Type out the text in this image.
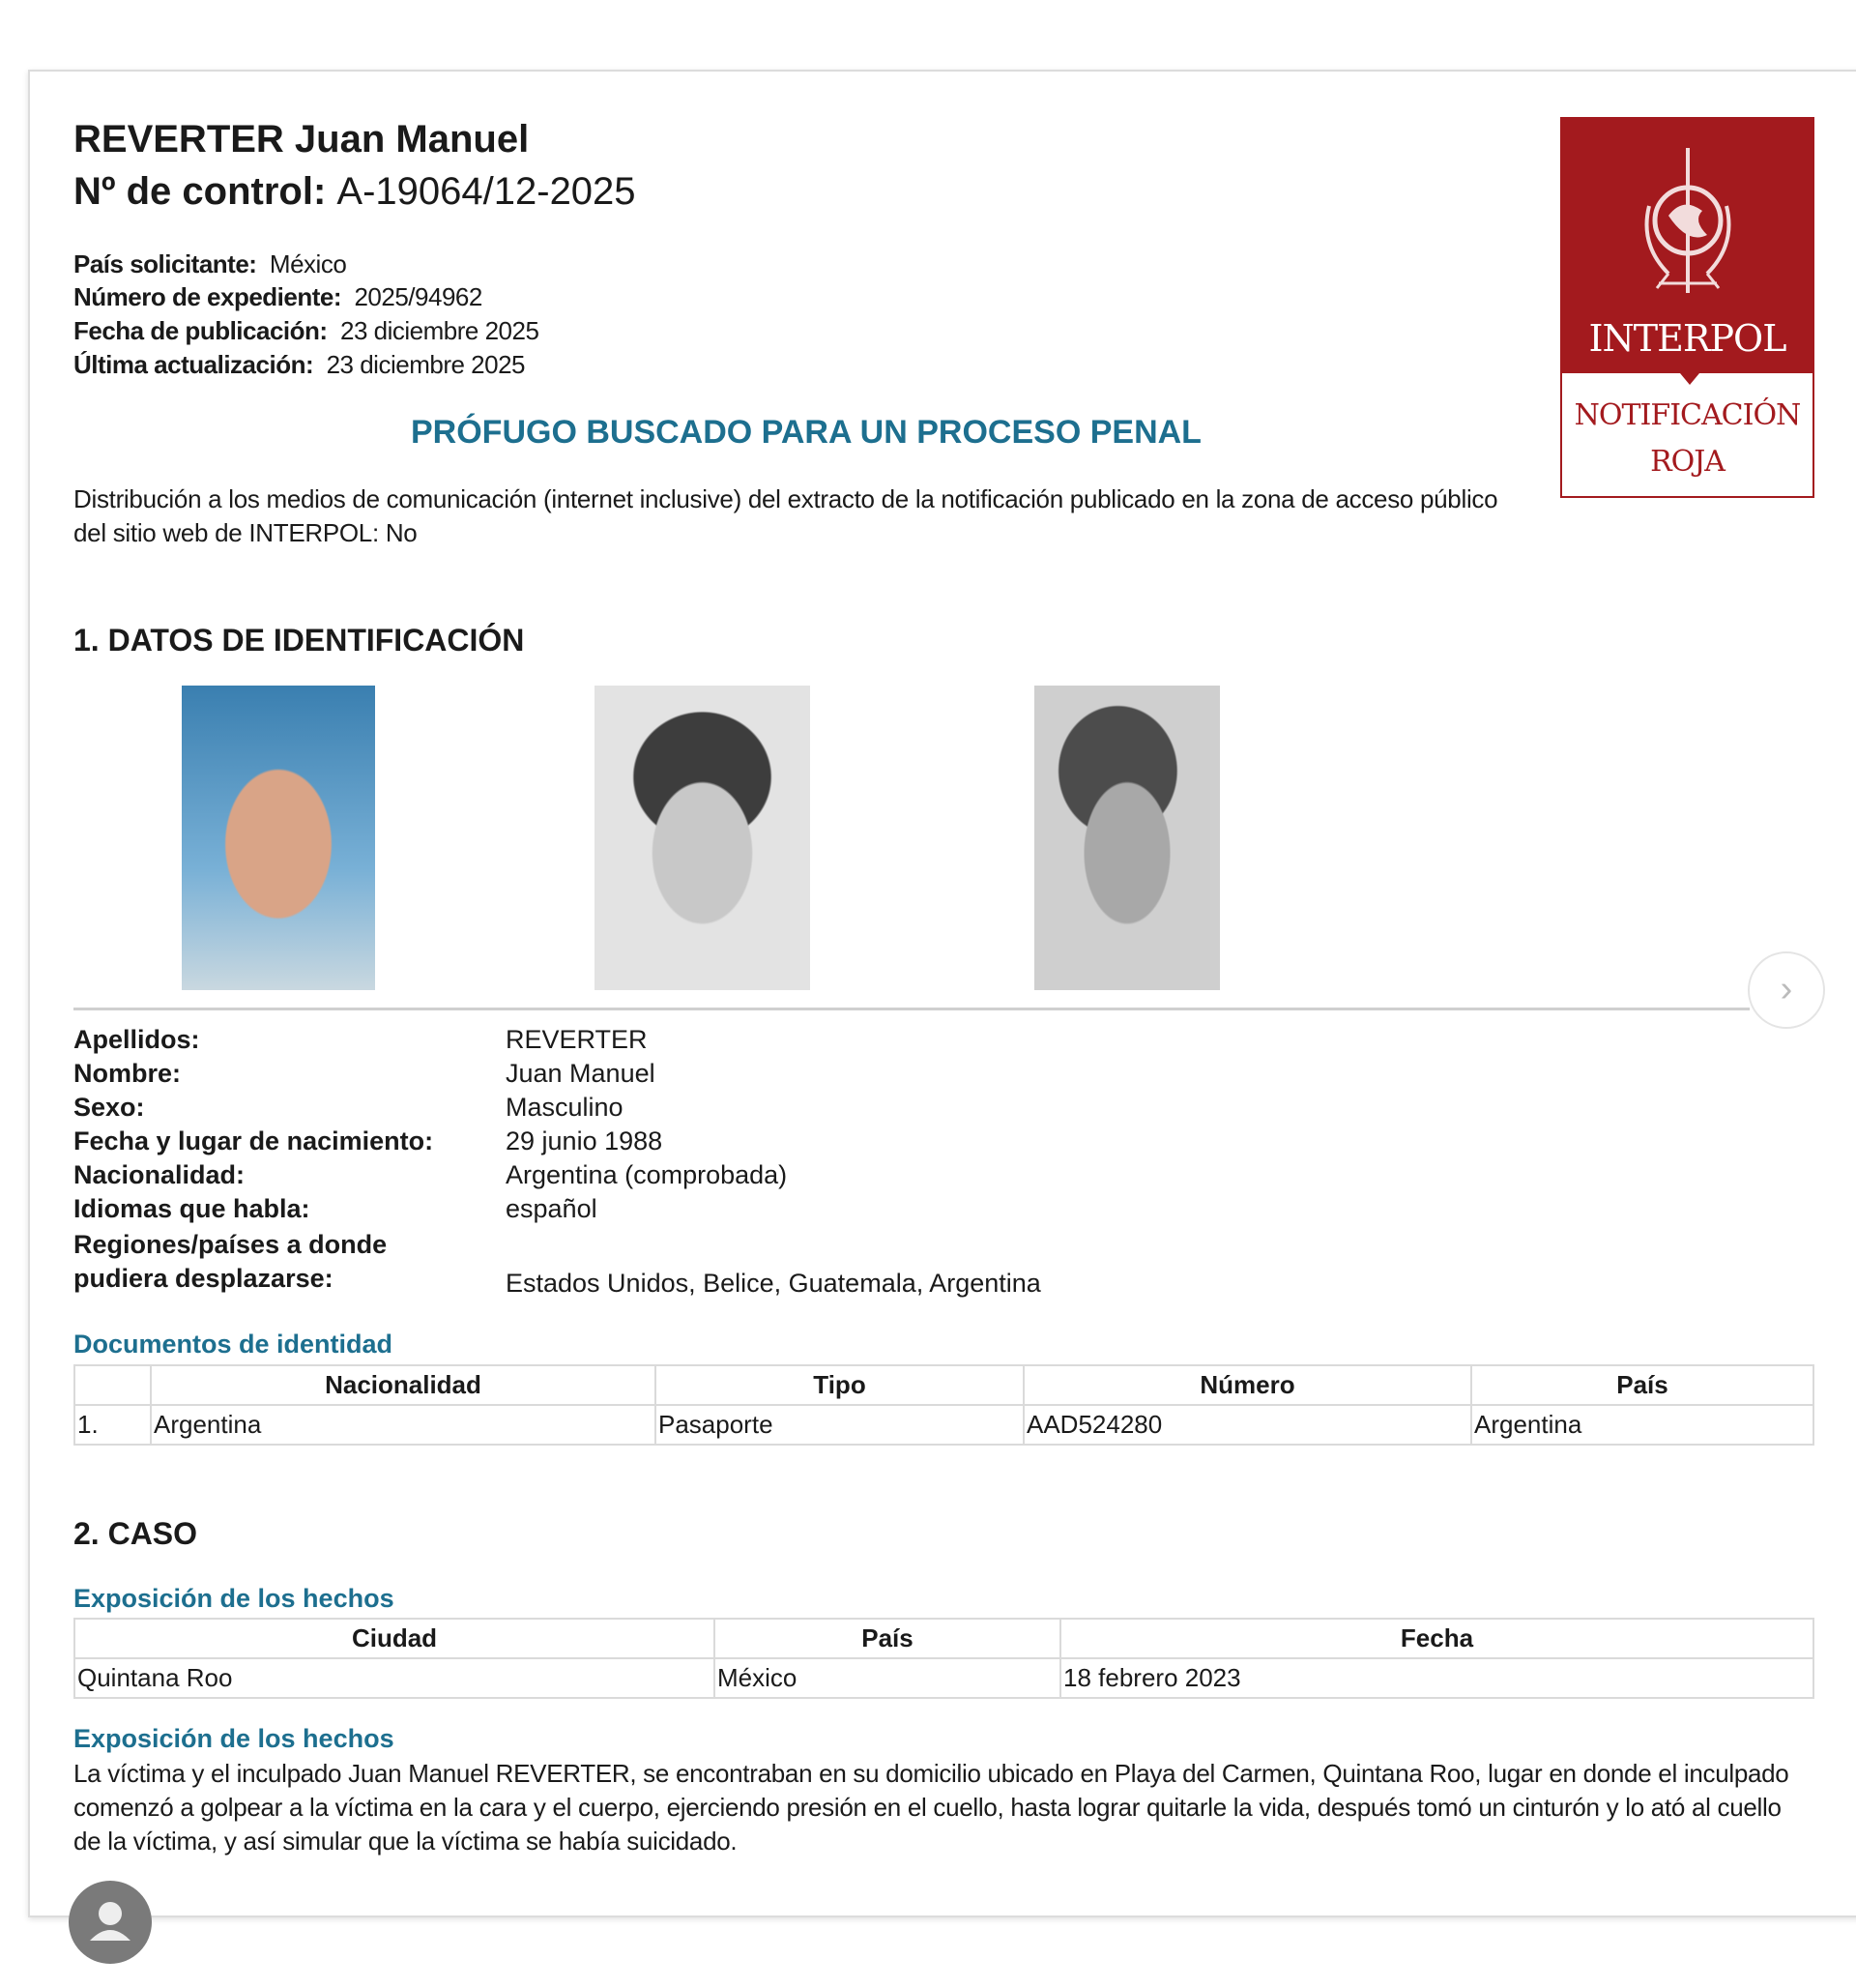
REVERTER Juan Manuel
Nº de control: A-19064/12-2025
País solicitante: México
Número de expediente: 2025/94962
Fecha de publicación: 23 diciembre 2025
Última actualización: 23 diciembre 2025
PRÓFUGO BUSCADO PARA UN PROCESO PENAL
Distribución a los medios de comunicación (internet inclusive) del extracto de la notificación publicado en la zona de acceso público del sitio web de INTERPOL: No
INTERPOL
NOTIFICACIÓN
ROJA
1. DATOS DE IDENTIFICACIÓN
›
Apellidos:	REVERTER
Nombre:	Juan Manuel
Sexo:	Masculino
Fecha y lugar de nacimiento:	29 junio 1988
Nacionalidad:	Argentina (comprobada)
Idiomas que habla:	español
Regiones/países a donde pudiera desplazarse:	Estados Unidos, Belice, Guatemala, Argentina
Documentos de identidad
	Nacionalidad	Tipo	Número	País
1.	Argentina	Pasaporte	AAD524280	Argentina
2. CASO
Exposición de los hechos
Ciudad	País	Fecha
Quintana Roo	México	18 febrero 2023
Exposición de los hechos
La víctima y el inculpado Juan Manuel REVERTER, se encontraban en su domicilio ubicado en Playa del Carmen, Quintana Roo, lugar en donde el inculpado comenzó a golpear a la víctima en la cara y el cuerpo, ejerciendo presión en el cuello, hasta lograr quitarle la vida, después tomó un cinturón y lo ató al cuello de la víctima, y así simular que la víctima se había suicidado.
